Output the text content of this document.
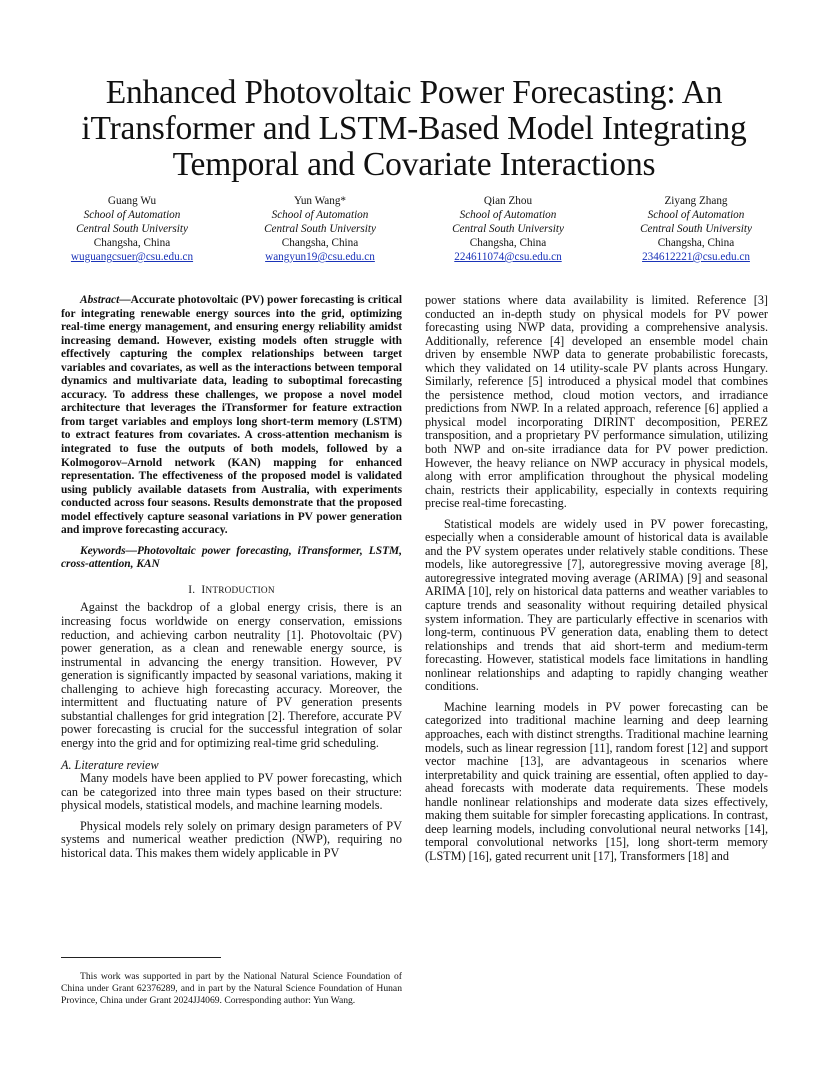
Enhanced Photovoltaic Power Forecasting: An
iTransformer and LSTM-Based Model Integrating
Temporal and Covariate Interactions
Guang Wu
School of Automation
Central South University
Changsha, China
wuguangcsuer@csu.edu.cn
Yun Wang*
School of Automation
Central South University
Changsha, China
wangyun19@csu.edu.cn
Qian Zhou
School of Automation
Central South University
Changsha, China
224611074@csu.edu.cn
Ziyang Zhang
School of Automation
Central South University
Changsha, China
234612221@csu.edu.cn

Abstract—Accurate photovoltaic (PV) power forecasting is critical for integrating renewable energy sources into the grid, optimizing real-time energy management, and ensuring energy reliability amidst increasing demand. However, existing models often struggle with effectively capturing the complex relationships between target variables and covariates, as well as the interactions between temporal dynamics and multivariate data, leading to suboptimal forecasting accuracy. To address these challenges, we propose a novel model architecture that leverages the iTransformer for feature extraction from target variables and employs long short-term memory (LSTM) to extract features from covariates. A cross-attention mechanism is integrated to fuse the outputs of both models, followed by a Kolmogorov–Arnold network (KAN) mapping for enhanced representation. The effectiveness of the proposed model is validated using publicly available datasets from Australia, with experiments conducted across four seasons. Results demonstrate that the proposed model effectively capture seasonal variations in PV power generation and improve forecasting accuracy.

Keywords—Photovoltaic power forecasting, iTransformer, LSTM, cross-attention, KAN

I. INTRODUCTION

Against the backdrop of a global energy crisis, there is an increasing focus worldwide on energy conservation, emissions reduction, and achieving carbon neutrality [1]. Photovoltaic (PV) power generation, as a clean and renewable energy source, is instrumental in advancing the energy transition. However, PV generation is significantly impacted by seasonal variations, making it challenging to achieve high forecasting accuracy. Moreover, the intermittent and fluctuating nature of PV generation presents substantial challenges for grid integration [2]. Therefore, accurate PV power forecasting is crucial for the successful integration of solar energy into the grid and for optimizing real-time grid scheduling.

A. Literature review

Many models have been applied to PV power forecasting, which can be categorized into three main types based on their structure: physical models, statistical models, and machine learning models.

Physical models rely solely on primary design parameters of PV systems and numerical weather prediction (NWP), requiring no historical data. This makes them widely applicable in PV

This work was supported in part by the National Natural Science Foundation of China under Grant 62376289, and in part by the Natural Science Foundation of Hunan Province, China under Grant 2024JJ4069. Corresponding author: Yun Wang.

power stations where data availability is limited. Reference [3] conducted an in-depth study on physical models for PV power forecasting using NWP data, providing a comprehensive analysis. Additionally, reference [4] developed an ensemble model chain driven by ensemble NWP data to generate probabilistic forecasts, which they validated on 14 utility-scale PV plants across Hungary. Similarly, reference [5] introduced a physical model that combines the persistence method, cloud motion vectors, and irradiance predictions from NWP. In a related approach, reference [6] applied a physical model incorporating DIRINT decomposition, PEREZ transposition, and a proprietary PV performance simulation, utilizing both NWP and on-site irradiance data for PV power prediction. However, the heavy reliance on NWP accuracy in physical models, along with error amplification throughout the physical modeling chain, restricts their applicability, especially in contexts requiring precise real-time forecasting.

Statistical models are widely used in PV power forecasting, especially when a considerable amount of historical data is available and the PV system operates under relatively stable conditions. These models, like autoregressive [7], autoregressive moving average [8], autoregressive integrated moving average (ARIMA) [9] and seasonal ARIMA [10], rely on historical data patterns and weather variables to capture trends and seasonality without requiring detailed physical system information. They are particularly effective in scenarios with long-term, continuous PV generation data, enabling them to detect relationships and trends that aid short-term and medium-term forecasting. However, statistical models face limitations in handling nonlinear relationships and adapting to rapidly changing weather conditions.

Machine learning models in PV power forecasting can be categorized into traditional machine learning and deep learning approaches, each with distinct strengths. Traditional machine learning models, such as linear regression [11], random forest [12] and support vector machine [13], are advantageous in scenarios where interpretability and quick training are essential, often applied to day-ahead forecasts with moderate data requirements. These models handle nonlinear relationships and moderate data sizes effectively, making them suitable for simpler forecasting applications. In contrast, deep learning models, including convolutional neural networks [14], temporal convolutional networks [15], long short-term memory (LSTM) [16], gated recurrent unit [17], Transformers [18] and
